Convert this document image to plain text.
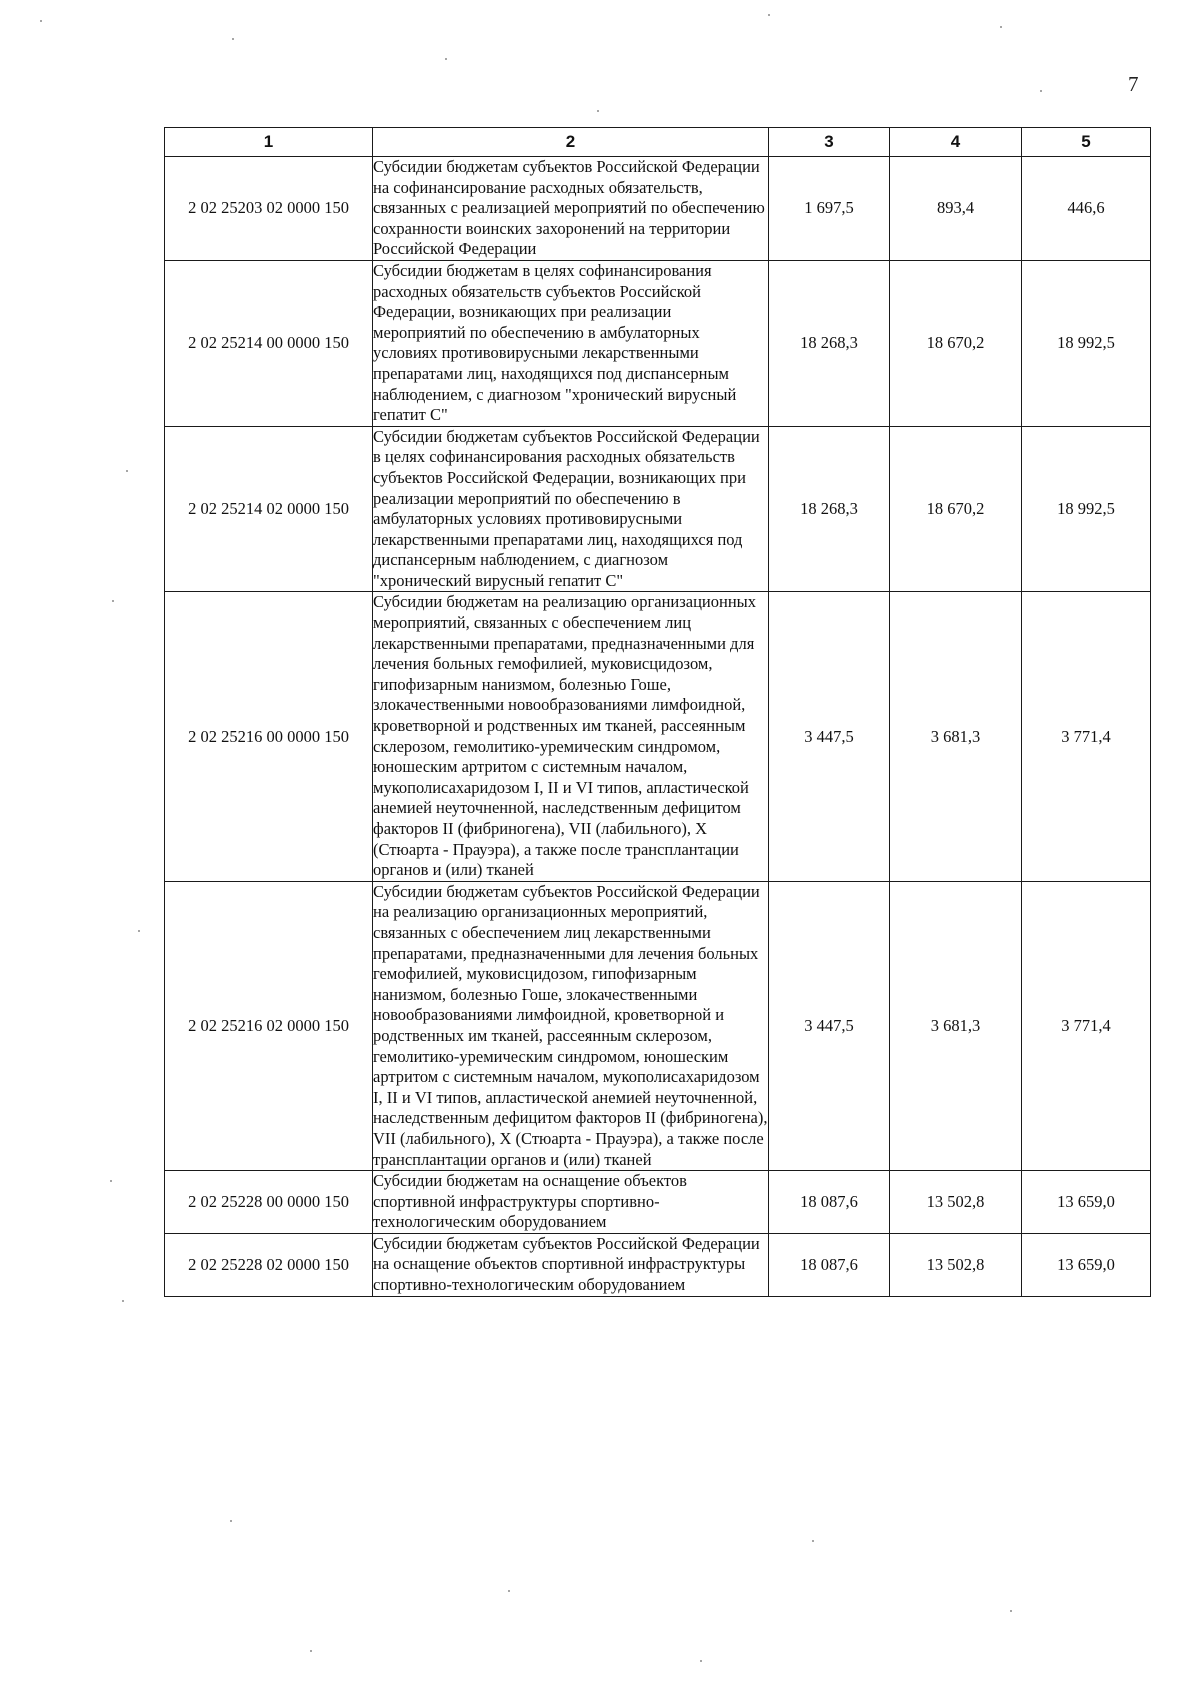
7
1	2	3	4	5
2 02 25203 02 0000 150	Субсидии бюджетам субъектов Российской Федерации на софинансирование расходных обязательств, связанных с реализацией мероприятий по обеспечению сохранности воинских захоронений на территории Российской Федерации	1 697,5	893,4	446,6
2 02 25214 00 0000 150	Субсидии бюджетам в целях софинансирования расходных обязательств субъектов Российской Федерации, возникающих при реализации мероприятий по обеспечению в амбулаторных условиях противовирусными лекарственными препаратами лиц, находящихся под диспансерным наблюдением, с диагнозом "хронический вирусный гепатит С"	18 268,3	18 670,2	18 992,5
2 02 25214 02 0000 150	Субсидии бюджетам субъектов Российской Федерации в целях софинансирования расходных обязательств субъектов Российской Федерации, возникающих при реализации мероприятий по обеспечению в амбулаторных условиях противовирусными лекарственными препаратами лиц, находящихся под диспансерным наблюдением, с диагнозом "хронический вирусный гепатит С"	18 268,3	18 670,2	18 992,5
2 02 25216 00 0000 150	Субсидии бюджетам на реализацию организационных мероприятий, связанных с обеспечением лиц лекарственными препаратами, предназначенными для лечения больных гемофилией, муковисцидозом, гипофизарным нанизмом, болезнью Гоше, злокачественными новообразованиями лимфоидной, кроветворной и родственных им тканей, рассеянным склерозом, гемолитико-уремическим синдромом, юношеским артритом с системным началом, мукополисахаридозом I, II и VI типов, апластической анемией неуточненной, наследственным дефицитом факторов II (фибриногена), VII (лабильного), X (Стюарта - Прауэра), а также после трансплантации органов и (или) тканей	3 447,5	3 681,3	3 771,4
2 02 25216 02 0000 150	Субсидии бюджетам субъектов Российской Федерации на реализацию организационных мероприятий, связанных с обеспечением лиц лекарственными препаратами, предназначенными для лечения больных гемофилией, муковисцидозом, гипофизарным нанизмом, болезнью Гоше, злокачественными новообразованиями лимфоидной, кроветворной и родственных им тканей, рассеянным склерозом, гемолитико-уремическим синдромом, юношеским артритом с системным началом, мукополисахаридозом I, II и VI типов, апластической анемией неуточненной, наследственным дефицитом факторов II (фибриногена), VII (лабильного), X (Стюарта - Прауэра), а также после трансплантации органов и (или) тканей	3 447,5	3 681,3	3 771,4
2 02 25228 00 0000 150	Субсидии бюджетам на оснащение объектов спортивной инфраструктуры спортивно-технологическим оборудованием	18 087,6	13 502,8	13 659,0
2 02 25228 02 0000 150	Субсидии бюджетам субъектов Российской Федерации на оснащение объектов спортивной инфраструктуры спортивно-технологическим оборудованием	18 087,6	13 502,8	13 659,0
